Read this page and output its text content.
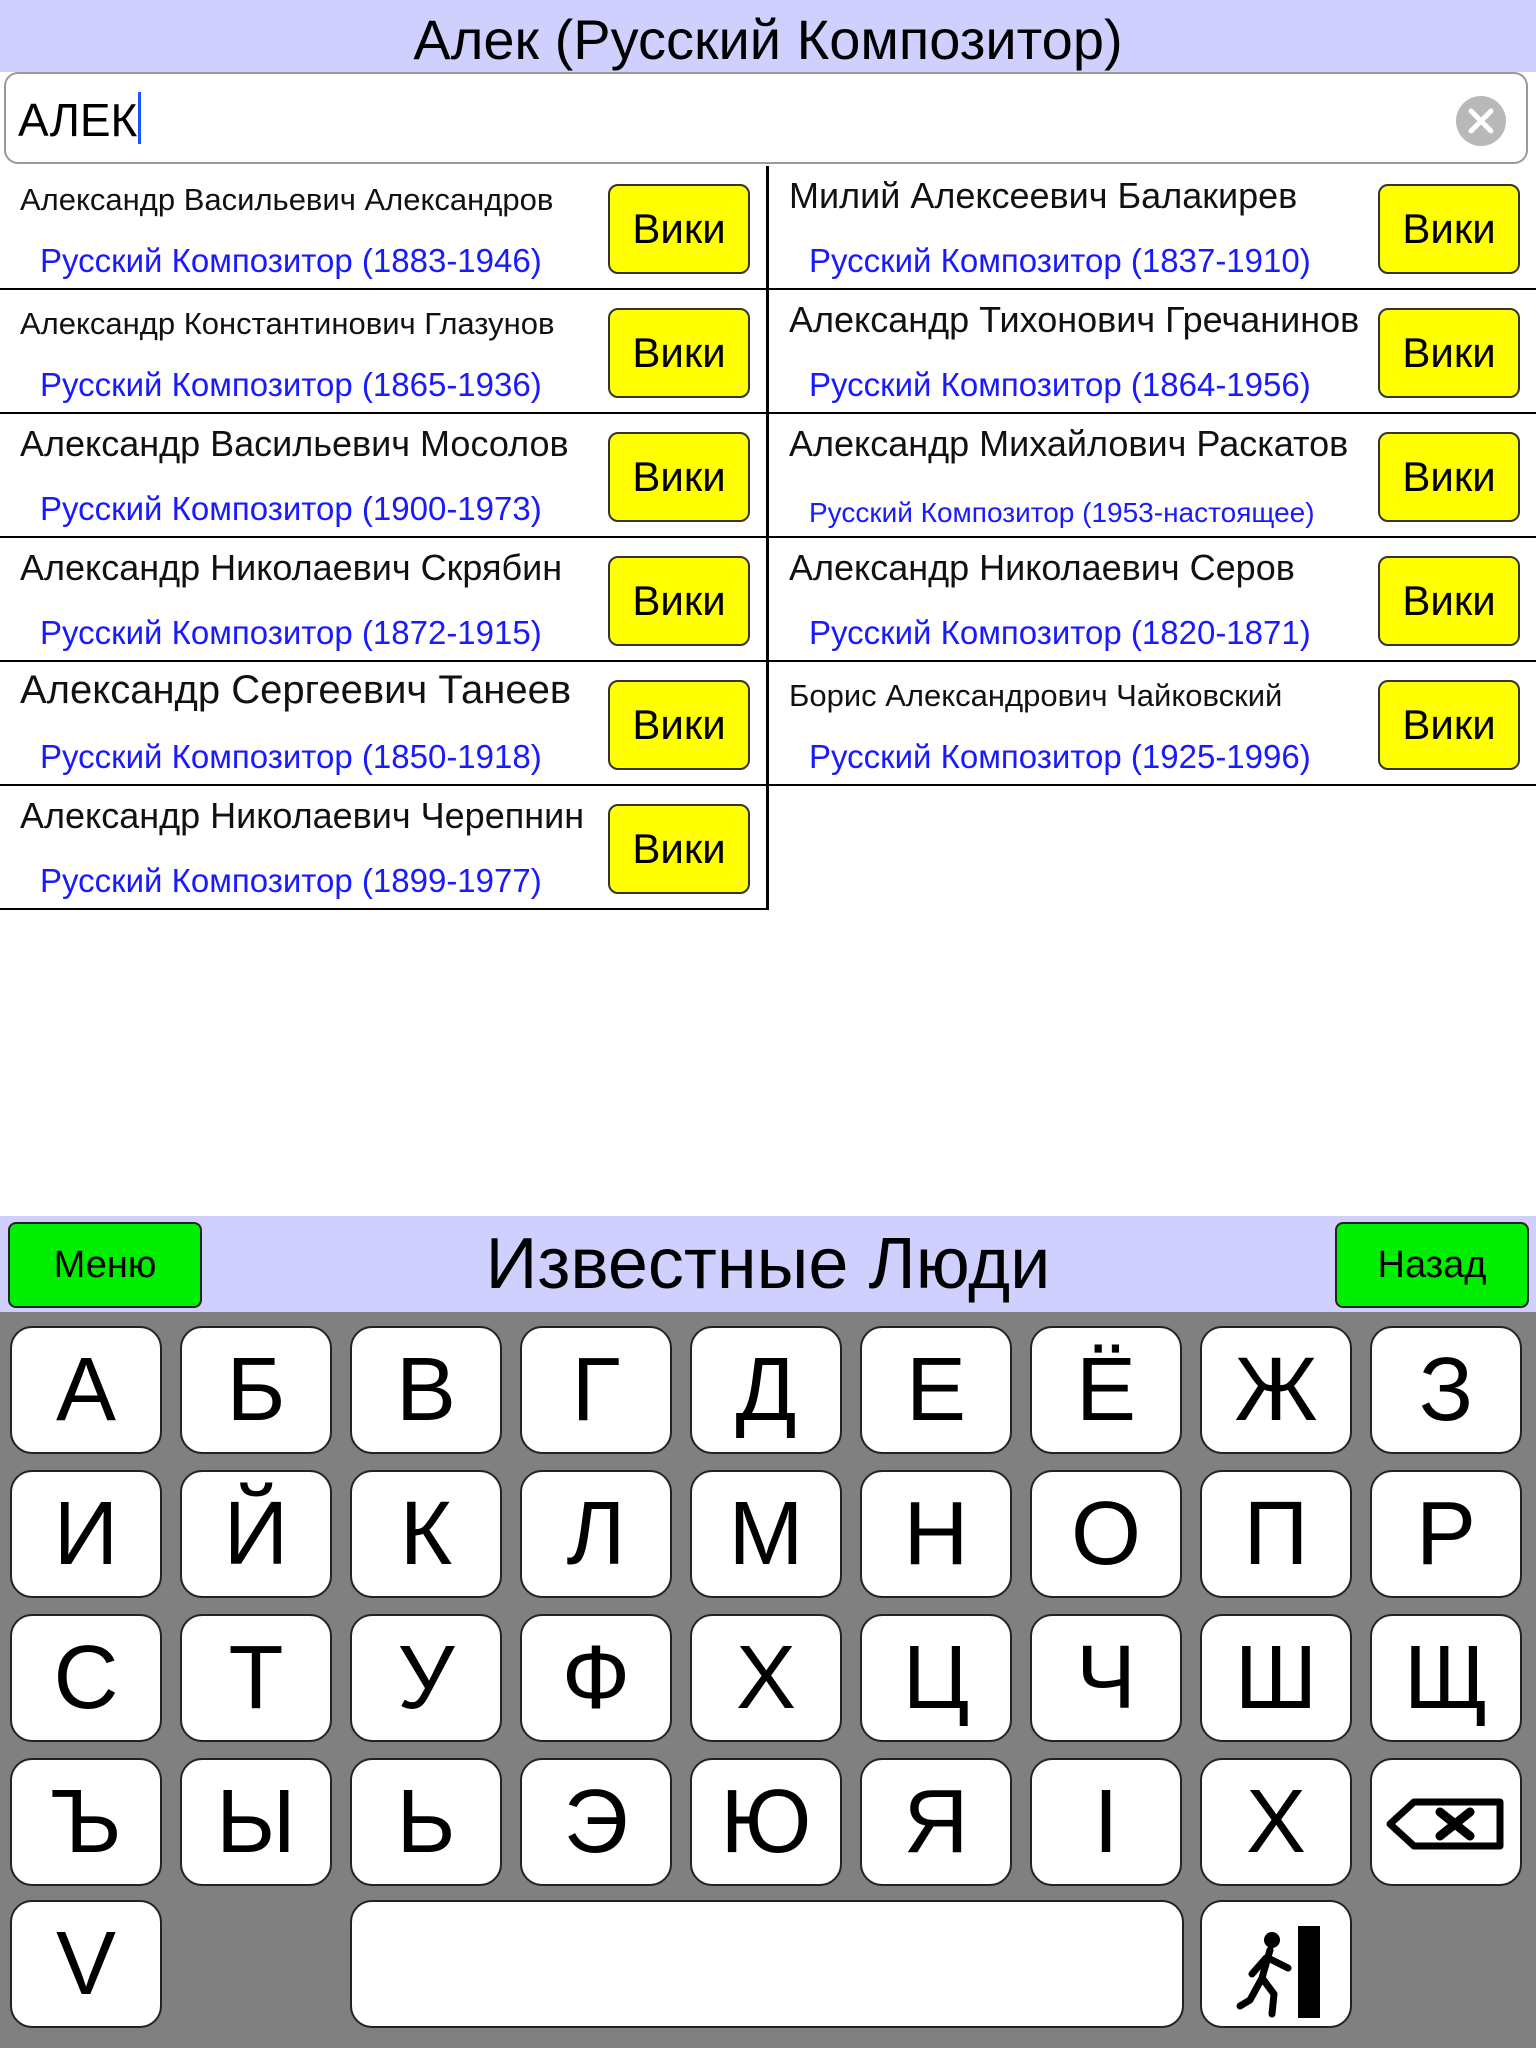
Алек (Русский Композитор)
АЛЕК
Александр Васильевич Александров
Русский Композитор (1883-1946)
Вики
Милий Алексеевич Балакирев
Русский Композитор (1837-1910)
Вики
Александр Константинович Глазунов
Русский Композитор (1865-1936)
Вики
Александр Тихонович Гречанинов
Русский Композитор (1864-1956)
Вики
Александр Васильевич Мосолов
Русский Композитор (1900-1973)
Вики
Александр Михайлович Раскатов
Русский Композитор (1953-настоящее)
Вики
Александр Николаевич Скрябин
Русский Композитор (1872-1915)
Вики
Александр Николаевич Серов
Русский Композитор (1820-1871)
Вики
Александр Сергеевич Танеев
Русский Композитор (1850-1918)
Вики
Борис Александрович Чайковский
Русский Композитор (1925-1996)
Вики
Александр Николаевич Черепнин
Русский Композитор (1899-1977)
Вики
Известные Люди
Меню	Назад
V
А	Б	В	Г	Д	Е	Ё	Ж	З
И	Й	К	Л	М	Н	О	П	Р
С	Т	У	Ф	Х	Ц	Ч	Ш Щ
Ъ	Ы	Ь	Э	Ю	Я	І	Х
